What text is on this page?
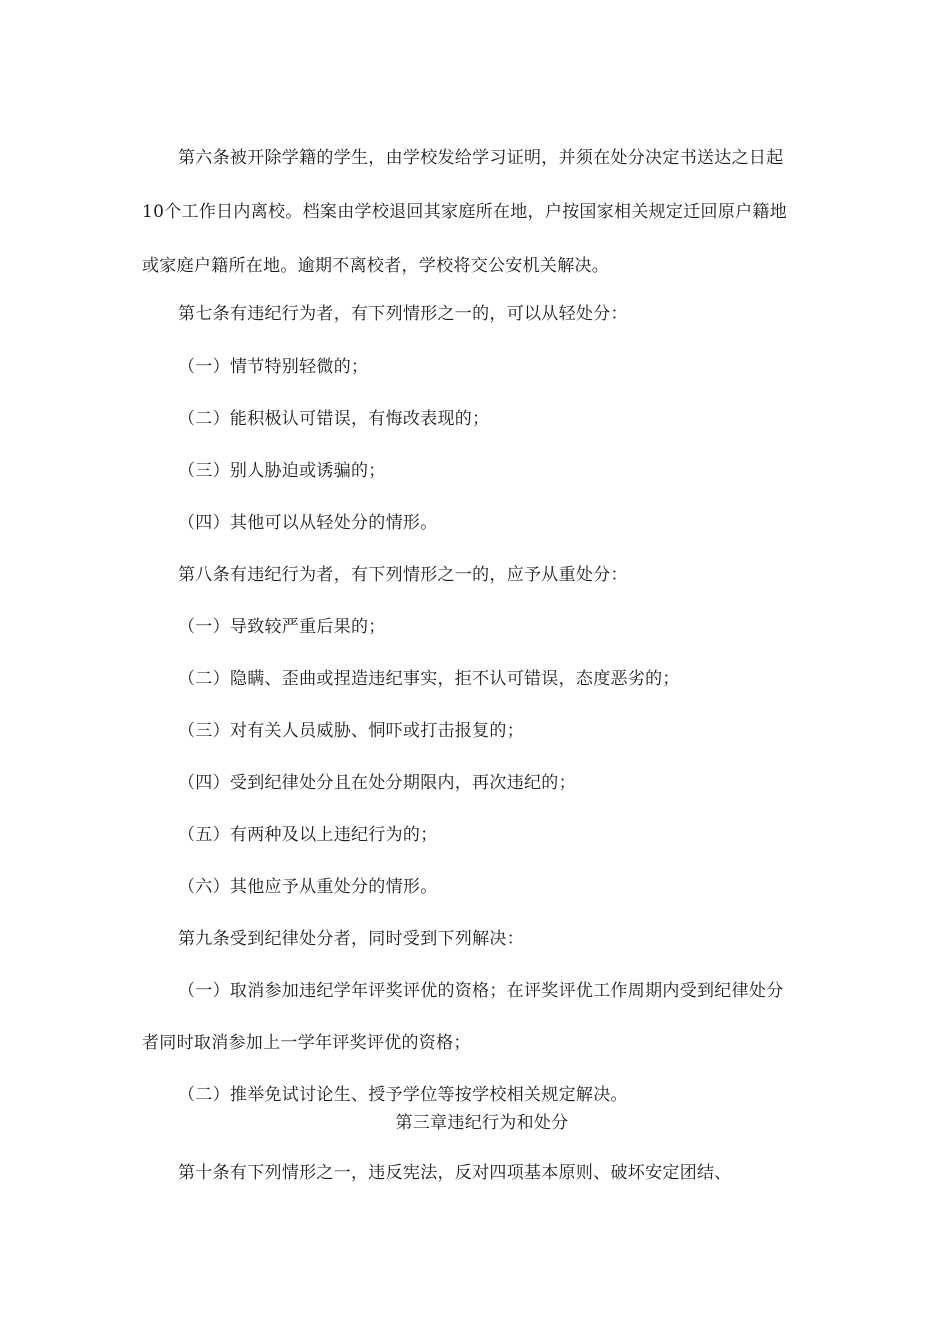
第六条被开除学籍的学生，由学校发给学习证明，并须在处分决定书送达之日起
10个工作日内离校。档案由学校退回其家庭所在地，户按国家相关规定迁回原户籍地
或家庭户籍所在地。逾期不离校者，学校将交公安机关解决。
第七条有违纪行为者，有下列情形之一的，可以从轻处分：
（一）情节特别轻微的；
（二）能积极认可错误，有悔改表现的；
（三）别人胁迫或诱骗的；
（四）其他可以从轻处分的情形。
第八条有违纪行为者，有下列情形之一的，应予从重处分：
（一）导致较严重后果的；
（二）隐瞒、歪曲或捏造违纪事实，拒不认可错误，态度恶劣的；
（三）对有关人员威胁、恫吓或打击报复的；
（四）受到纪律处分且在处分期限内，再次违纪的；
（五）有两种及以上违纪行为的；
（六）其他应予从重处分的情形。
第九条受到纪律处分者，同时受到下列解决：
（一）取消参加违纪学年评奖评优的资格；在评奖评优工作周期内受到纪律处分
者同时取消参加上一学年评奖评优的资格；
（二）推举免试讨论生、授予学位等按学校相关规定解决。
第三章违纪行为和处分
第十条有下列情形之一，违反宪法，反对四项基本原则、破坏安定团结、
